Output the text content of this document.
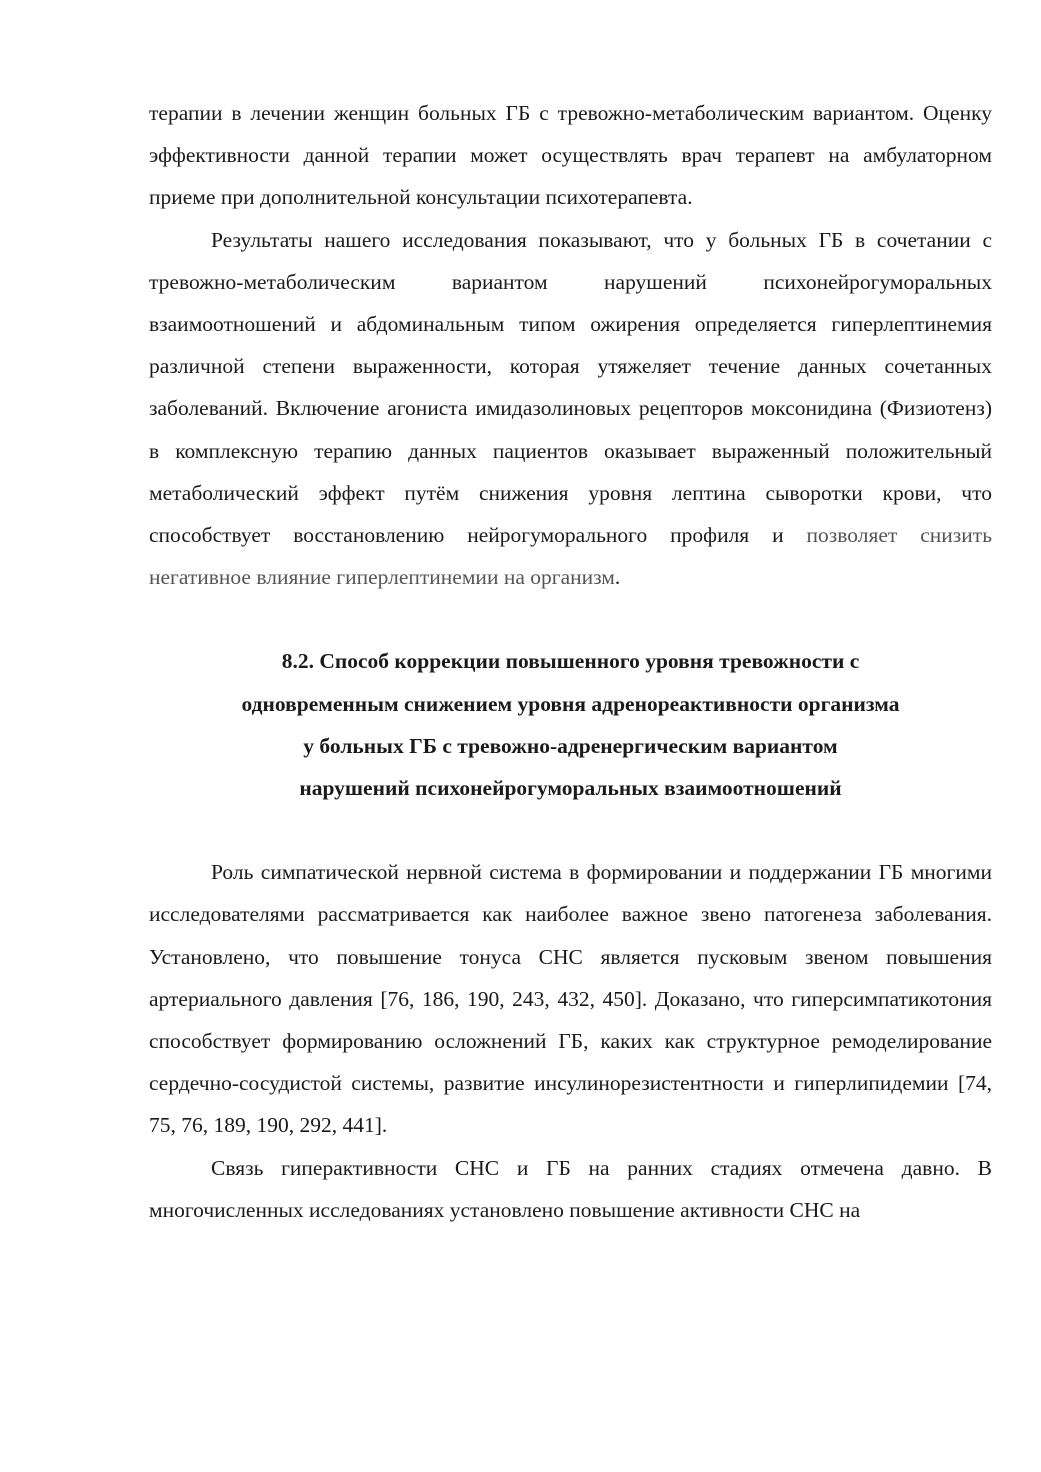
терапии в лечении женщин больных ГБ с тревожно-метаболическим вариантом. Оценку эффективности данной терапии может осуществлять врач терапевт на амбулаторном приеме при дополнительной консультации психотерапевта.

Результаты нашего исследования показывают, что у больных ГБ в сочетании с тревожно-метаболическим вариантом нарушений психонейрогуморальных взаимоотношений и абдоминальным типом ожирения определяется гиперлептинемия различной степени выраженности, которая утяжеляет течение данных сочетанных заболеваний. Включение агониста имидазолиновых рецепторов моксонидина (Физиотенз) в комплексную терапию данных пациентов оказывает выраженный положительный метаболический эффект путём снижения уровня лептина сыворотки крови, что способствует восстановлению нейрогуморального профиля и позволяет снизить негативное влияние гиперлептинемии на организм.

8.2. Способ коррекции повышенного уровня тревожности с
одновременным снижением уровня адренореактивности организма
у больных ГБ с тревожно-адренергическим вариантом
нарушений психонейрогуморальных взаимоотношений

Роль симпатической нервной система в формировании и поддержании ГБ многими исследователями рассматривается как наиболее важное звено патогенеза заболевания. Установлено, что повышение тонуса СНС является пусковым звеном повышения артериального давления [76, 186, 190, 243, 432, 450]. Доказано, что гиперсимпатикотония способствует формированию осложнений ГБ, каких как структурное ремоделирование сердечно-сосудистой системы, развитие инсулинорезистентности и гиперлипидемии [74, 75, 76, 189, 190, 292, 441].

Связь гиперактивности СНС и ГБ на ранних стадиях отмечена давно. В многочисленных исследованиях установлено повышение активности СНС на
